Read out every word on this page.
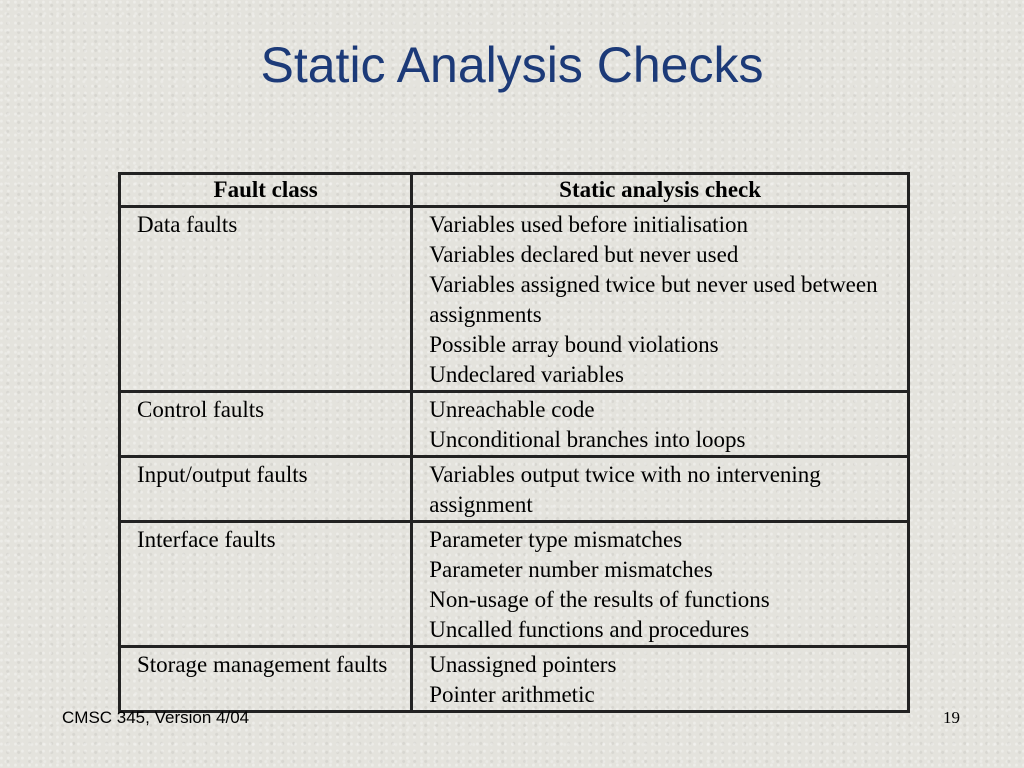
Static Analysis Checks
Fault class	Static analysis check
Data faults	Variables used before initialisation
Variables declared but never used
Variables assigned twice but never used between assignments
Possible array bound violations
Undeclared variables

Control faults	Unreachable code
Unconditional branches into loops

Input/output faults	Variables output twice with no intervening assignment

Interface faults	Parameter type mismatches
Parameter number mismatches
Non-usage of the results of functions
Uncalled functions and procedures

Storage management faults	Unassigned pointers
Pointer arithmetic
CMSC 345, Version 4/04	19
